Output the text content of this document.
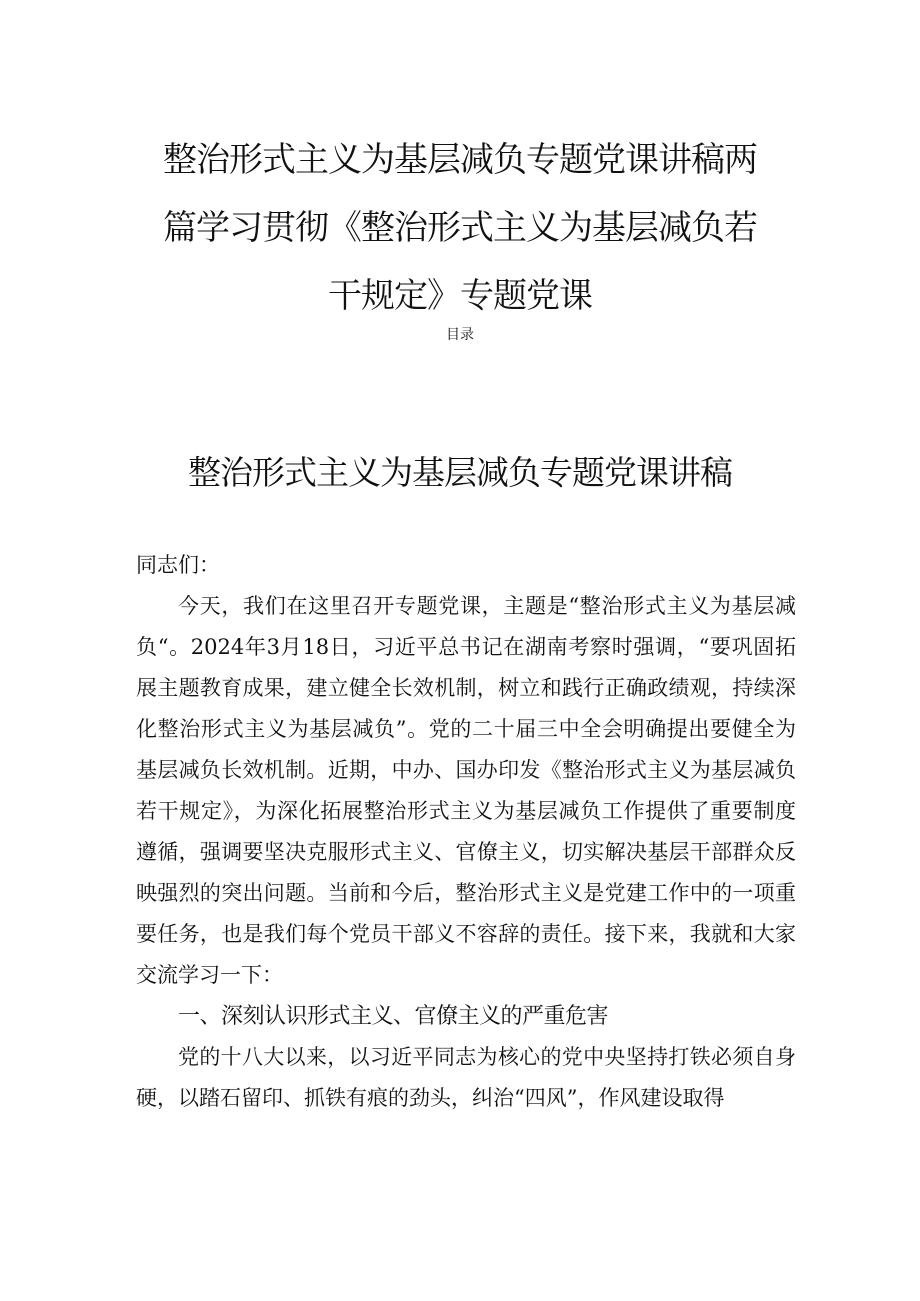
整治形式主义为基层减负专题党课讲稿两
篇学习贯彻《整治形式主义为基层减负若
干规定》专题党课
目录
整治形式主义为基层减负专题党课讲稿

同志们：

今天，我们在这里召开专题党课，主题是“整治形式主义为基层减负“。2024年3月18日，习近平总书记在湖南考察时强调，“要巩固拓展主题教育成果，建立健全长效机制，树立和践行正确政绩观，持续深化整治形式主义为基层减负”。党的二十届三中全会明确提出要健全为基层减负长效机制。近期，中办、国办印发《整治形式主义为基层减负若干规定》，为深化拓展整治形式主义为基层减负工作提供了重要制度遵循，强调要坚决克服形式主义、官僚主义，切实解决基层干部群众反映强烈的突出问题。当前和今后，整治形式主义是党建工作中的一项重要任务，也是我们每个党员干部义不容辞的责任。接下来，我就和大家交流学习一下：

一、深刻认识形式主义、官僚主义的严重危害

党的十八大以来，以习近平同志为核心的党中央坚持打铁必须自身硬，以踏石留印、抓铁有痕的劲头，纠治“四风”，作风建设取得
